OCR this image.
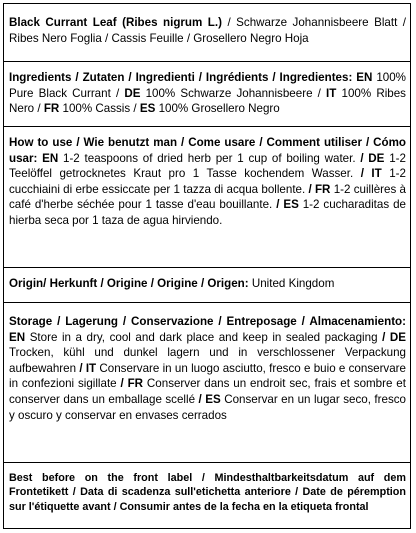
Black Currant Leaf (Ribes nigrum L.) / Schwarze Johannisbeere Blatt / Ribes Nero Foglia / Cassis Feuille / Grosellero Negro Hoja
Ingredients / Zutaten / Ingredienti / Ingrédients / Ingredientes: EN 100% Pure Black Currant / DE 100% Schwarze Johannisbeere / IT 100% Ribes Nero / FR 100% Cassis / ES 100% Grosellero Negro
How to use / Wie benutzt man / Come usare / Comment utiliser / Cómo usar: EN 1-2 teaspoons of dried herb per 1 cup of boiling water. / DE 1-2 Teelöffel getrocknetes Kraut pro 1 Tasse kochendem Wasser. / IT 1-2 cucchiaini di erbe essiccate per 1 tazza di acqua bollente. / FR 1-2 cuillères à café d'herbe séchée pour 1 tasse d'eau bouillante. / ES 1-2 cucharaditas de hierba seca por 1 taza de agua hirviendo.
Origin/ Herkunft / Origine / Origine / Origen: United Kingdom
Storage / Lagerung / Conservazione / Entreposage / Almacenamiento: EN Store in a dry, cool and dark place and keep in sealed packaging / DE Trocken, kühl und dunkel lagern und in verschlossener Verpackung aufbewahren / IT Conservare in un luogo asciutto, fresco e buio e conservare in confezioni sigillate / FR Conserver dans un endroit sec, frais et sombre et conserver dans un emballage scellé / ES Conservar en un lugar seco, fresco y oscuro y conservar en envases cerrados
Best before on the front label / Mindesthaltbarkeitsdatum auf dem Frontetikett / Data di scadenza sull'etichetta anteriore / Date de péremption sur l'étiquette avant / Consumir antes de la fecha en la etiqueta frontal
